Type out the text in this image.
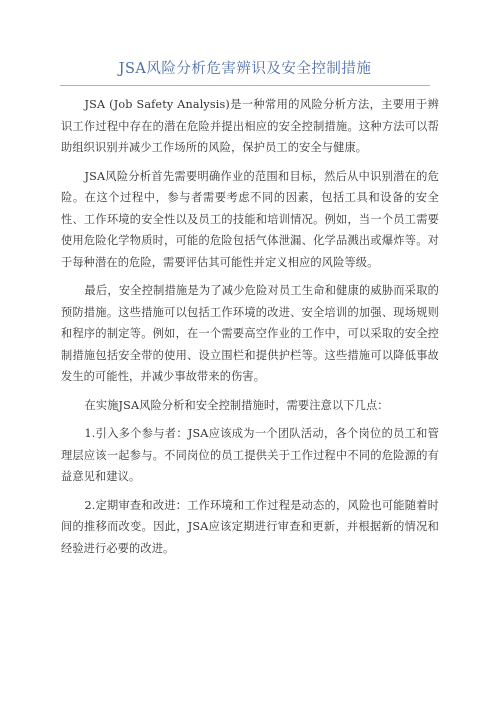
JSA风险分析危害辨识及安全控制措施

JSA (Job Safety Analysis)是一种常用的风险分析方法，主要用于辨识工作过程中存在的潜在危险并提出相应的安全控制措施。这种方法可以帮助组织识别并减少工作场所的风险，保护员工的安全与健康。

JSA风险分析首先需要明确作业的范围和目标，然后从中识别潜在的危险。在这个过程中，参与者需要考虑不同的因素，包括工具和设备的安全性、工作环境的安全性以及员工的技能和培训情况。例如，当一个员工需要使用危险化学物质时，可能的危险包括气体泄漏、化学品溅出或爆炸等。对于每种潜在的危险，需要评估其可能性并定义相应的风险等级。

最后，安全控制措施是为了减少危险对员工生命和健康的威胁而采取的预防措施。这些措施可以包括工作环境的改进、安全培训的加强、现场规则和程序的制定等。例如，在一个需要高空作业的工作中，可以采取的安全控制措施包括安全带的使用、设立围栏和提供护栏等。这些措施可以降低事故发生的可能性，并减少事故带来的伤害。

在实施JSA风险分析和安全控制措施时，需要注意以下几点：

1.引入多个参与者：JSA应该成为一个团队活动，各个岗位的员工和管理层应该一起参与。不同岗位的员工提供关于工作过程中不同的危险源的有益意见和建议。

2.定期审查和改进：工作环境和工作过程是动态的，风险也可能随着时间的推移而改变。因此，JSA应该定期进行审查和更新，并根据新的情况和经验进行必要的改进。
